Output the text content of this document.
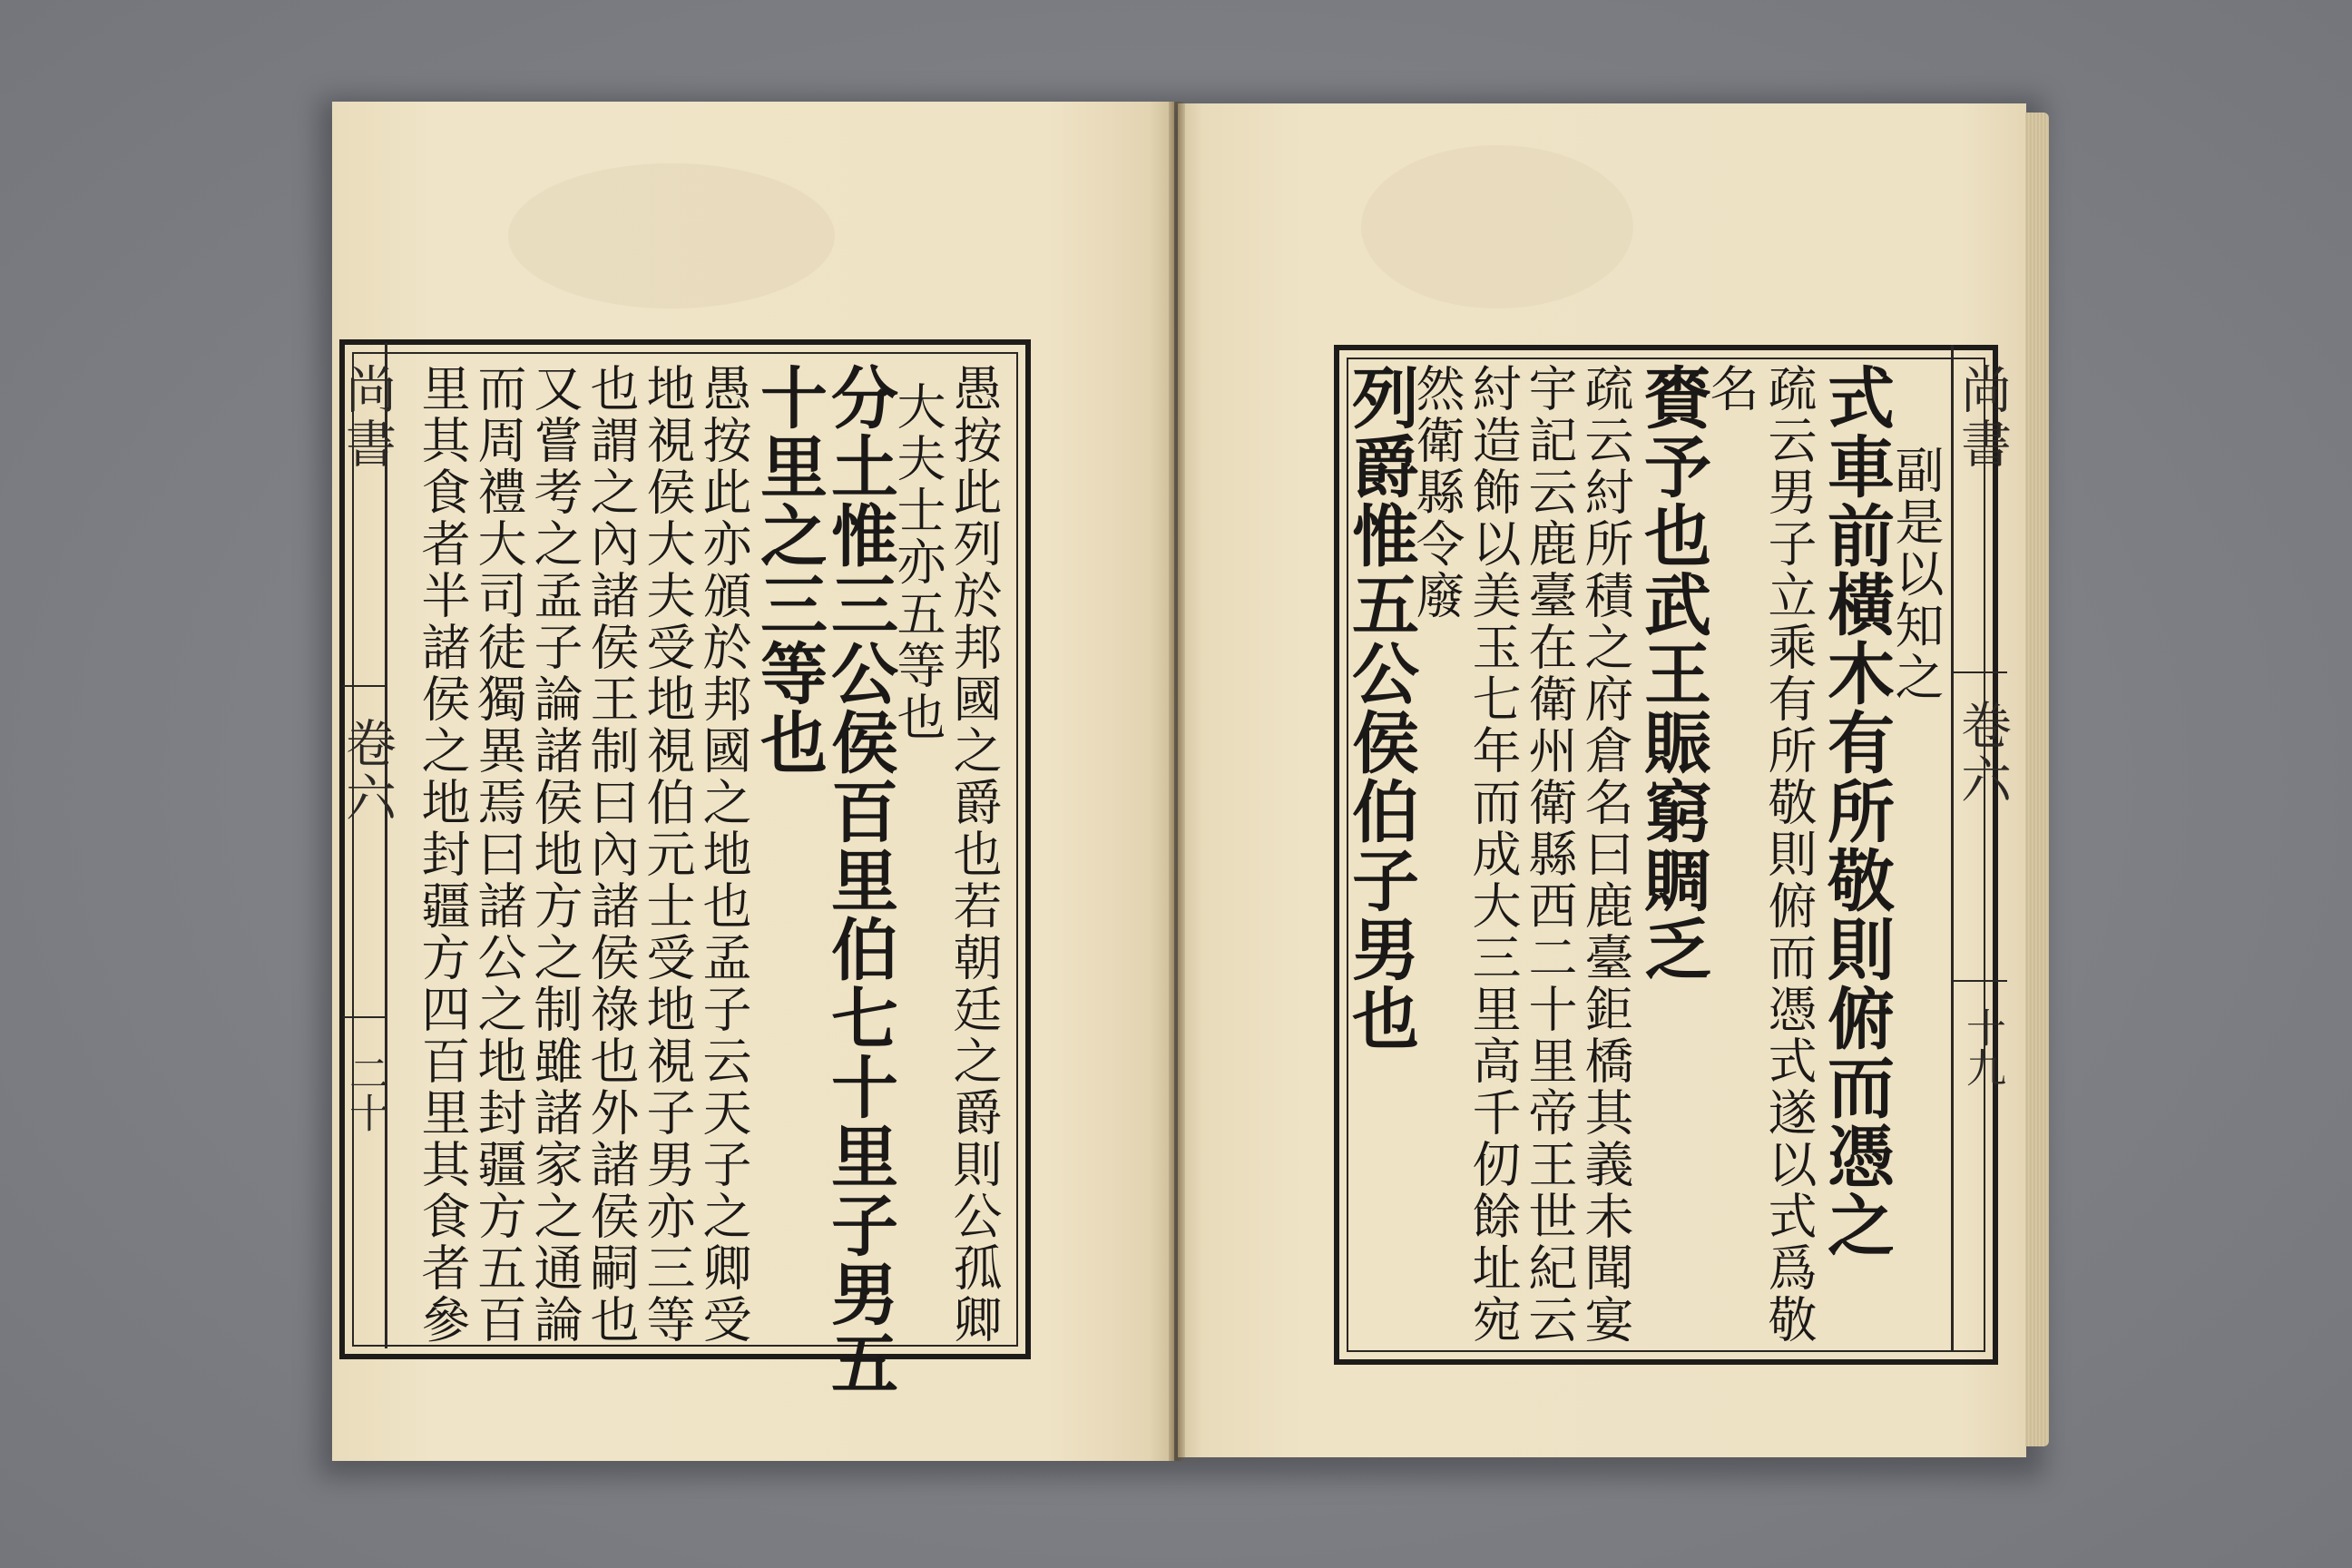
尚書
卷六
二十	愚按此列於邦國之爵也若朝廷之爵則公孤卿
大夫士亦五等也
分土惟三公侯百里伯七十里子男五
十里之三等也
愚按此亦頒於邦國之地也孟子云天子之卿受
地視侯大夫受地視伯元士受地視子男亦三等
也謂之內諸侯王制曰內諸侯祿也外諸侯嗣也
又嘗考之孟子論諸侯地方之制雖諸家之通論
而周禮大司徒獨異焉曰諸公之地封疆方五百
里其食者半諸侯之地封疆方四百里其食者參	尚書
卷六
十九
副是以知之
式車前橫木有所敬則俯而憑之
疏云男子立乘有所敬則俯而憑式遂以式爲敬
名
賚予也武王賑窮賙乏
疏云紂所積之府倉名曰鹿臺鉅橋其義未聞宴
宇記云鹿臺在衛州衛縣西二十里帝王世紀云
紂造飾以美玉七年而成大三里高千仞餘址宛
然衛縣令廢
列爵惟五公侯伯子男也
